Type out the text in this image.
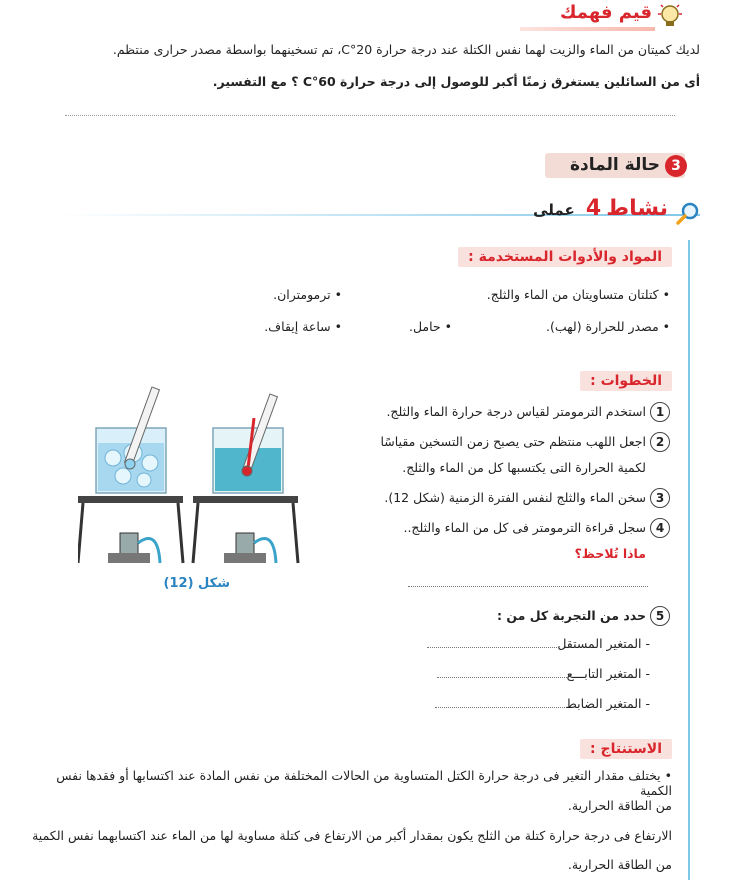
قيم فهمك
لديك كميتان من الماء والزيت لهما نفس الكتلة عند درجة حرارة 20°C، تم تسخينهما بواسطة مصدر حرارى منتظم.
أى من السائلين يستغرق زمنًا أكبر للوصول إلى درجة حرارة 60°C ؟ مع التفسير.
3
حالة المادة
نشاط 4 عملى
المواد والأدوات المستخدمة :
• كتلتان متساويتان من الماء والثلج.
• ترمومتران.
• مصدر للحرارة (لهب).
• حامل.
• ساعة إيقاف.
الخطوات :
1استخدم الترمومتر لقياس درجة حرارة الماء والثلج.
2اجعل اللهب منتظم حتى يصبح زمن التسخين مقياسًا
لكمية الحرارة التى يكتسبها كل من الماء والثلج.
3سخن الماء والثلج لنفس الفترة الزمنية (شكل 12).
4سجل قراءة الترمومتر فى كل من الماء والثلج..
ماذا تُلاحظ؟
5حدد من التجربة كل من :
- المتغير المستقل
- المتغير التابـــع
- المتغير الضابط
شكل (12)
الاستنتاج :
• يختلف مقدار التغير فى درجة حرارة الكتل المتساوية من الحالات المختلفة من نفس المادة عند اكتسابها أو فقدها نفس الكمية
من الطاقة الحرارية.
الارتفاع فى درجة حرارة كتلة من الثلج يكون بمقدار أكبر من الارتفاع فى كتلة مساوية لها من الماء عند اكتسابهما نفس الكمية
من الطاقة الحرارية.
